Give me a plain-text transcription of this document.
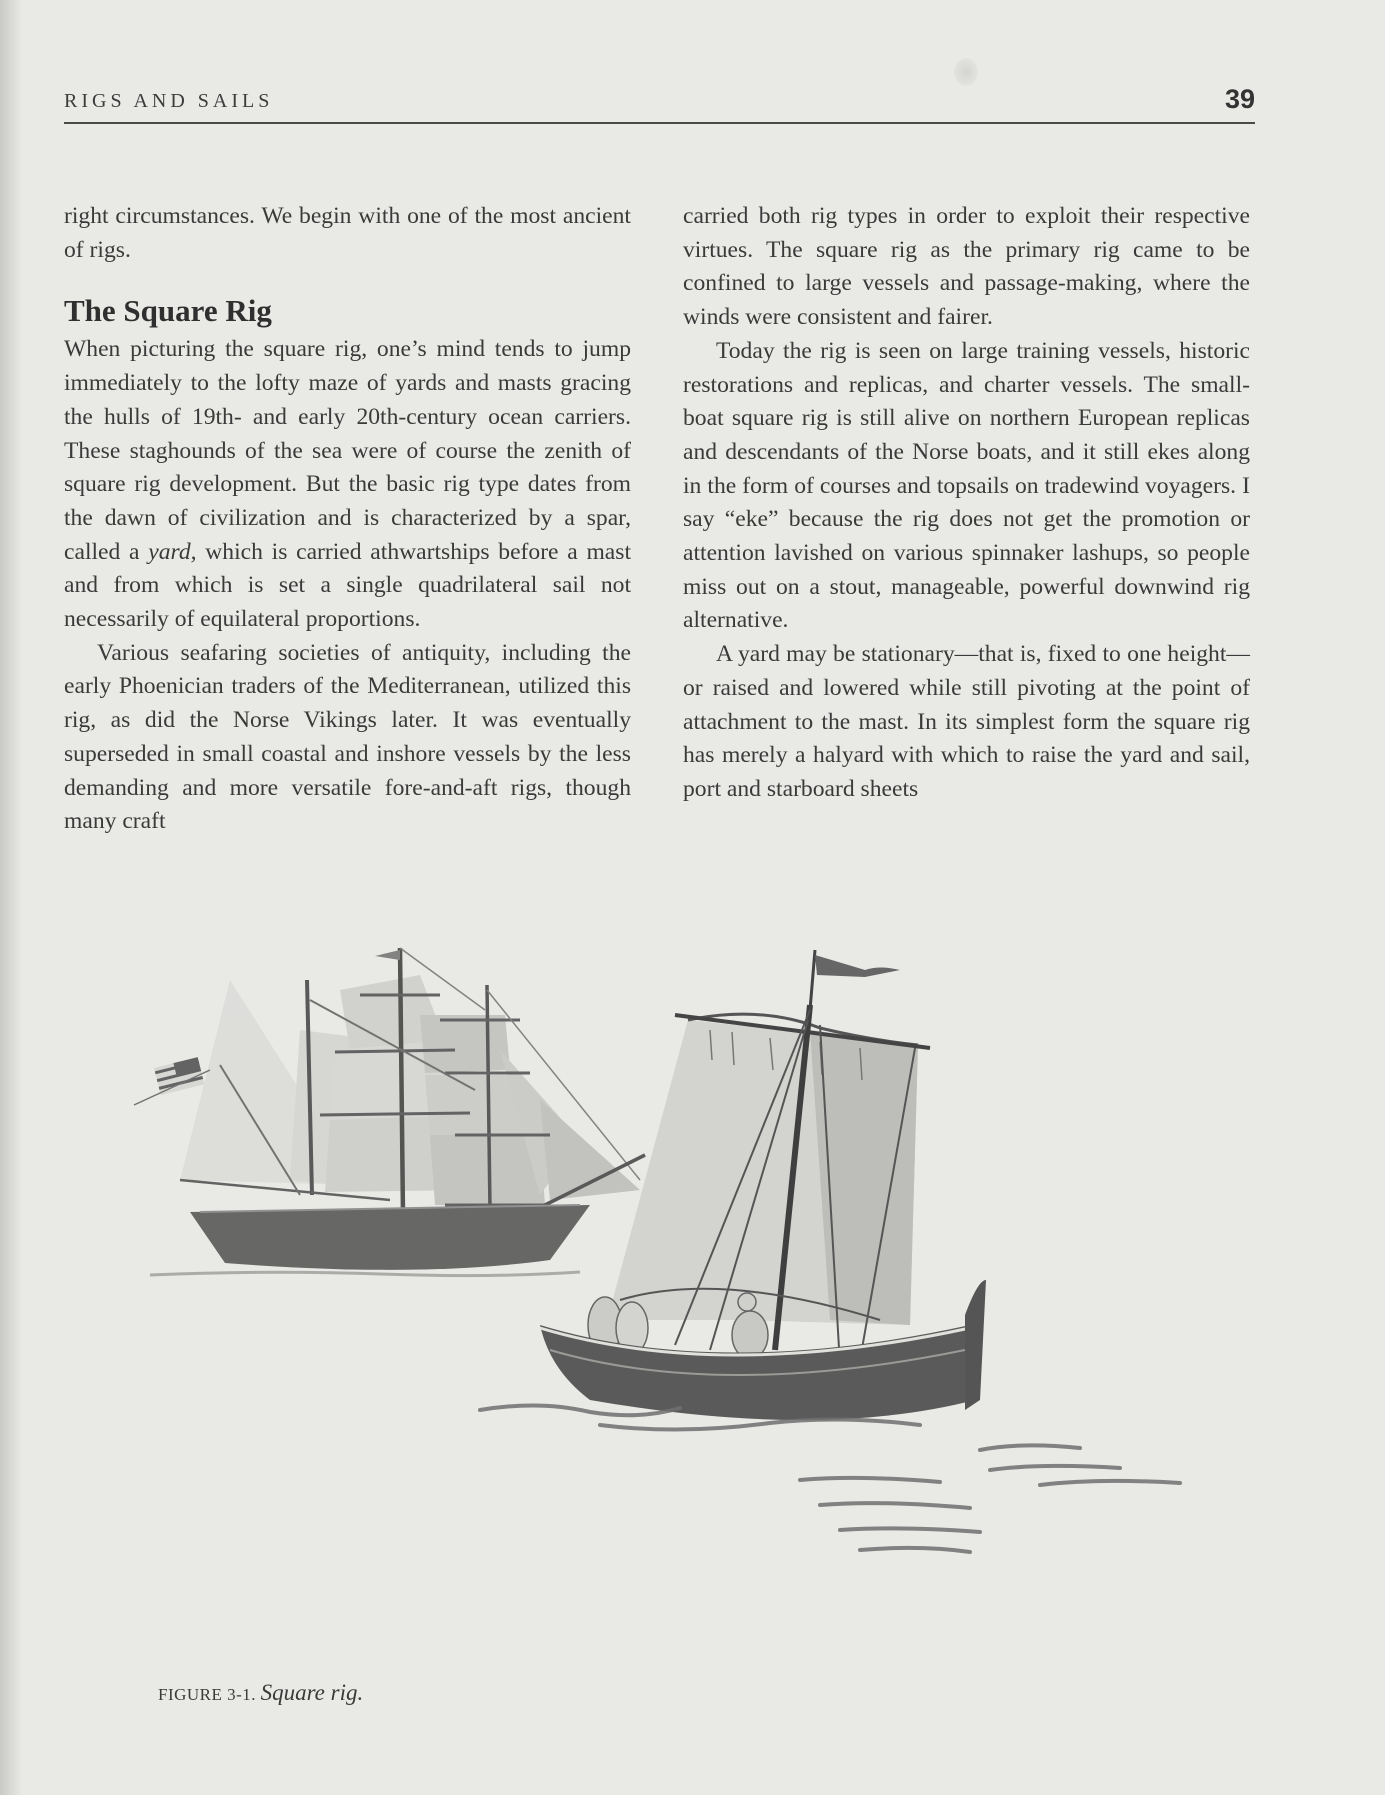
RIGS AND SAILS	39

right circumstances. We begin with one of the most ancient of rigs.

The Square Rig

When picturing the square rig, one’s mind tends to jump immediately to the lofty maze of yards and masts gracing the hulls of 19th- and early 20th-century ocean carriers. These staghounds of the sea were of course the zenith of square rig development. But the basic rig type dates from the dawn of civilization and is characterized by a spar, called a yard, which is carried athwartships before a mast and from which is set a single quadrilateral sail not necessarily of equilateral proportions.

Various seafaring societies of antiquity, including the early Phoenician traders of the Mediterranean, utilized this rig, as did the Norse Vikings later. It was eventually superseded in small coastal and inshore vessels by the less demanding and more versatile fore-and-aft rigs, though many craft

carried both rig types in order to exploit their respective virtues. The square rig as the primary rig came to be confined to large vessels and passage-making, where the winds were consistent and fairer.

Today the rig is seen on large training vessels, historic restorations and replicas, and charter vessels. The small-boat square rig is still alive on northern European replicas and descendants of the Norse boats, and it still ekes along in the form of courses and topsails on tradewind voyagers. I say “eke” because the rig does not get the promotion or attention lavished on various spinnaker lashups, so people miss out on a stout, manageable, powerful downwind rig alternative.

A yard may be stationary—that is, fixed to one height—or raised and lowered while still pivoting at the point of attachment to the mast. In its simplest form the square rig has merely a halyard with which to raise the yard and sail, port and starboard sheets

FIGURE 3-1. Square rig.
